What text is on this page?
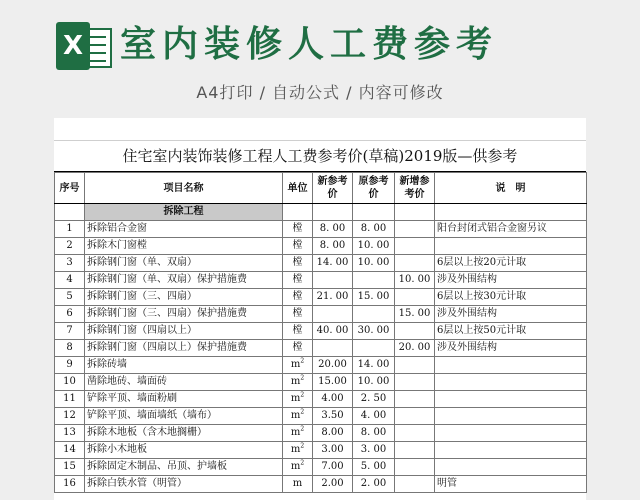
X 室内装修人工费参考
A4打印 / 自动公式 / 内容可修改
住宅室内装饰装修工程人工费参考价(草稿)2019版—供参考
序号	项目名称	单位	新参考价	原参考价	新增参考价	说　明
	拆除工程					
1	拆除铝合金窗	樘	8. 00	8. 00		阳台封闭式铝合金窗另议
2	拆除木门窗樘	樘	8. 00	10. 00		
3	拆除钢门窗（单、双扇）	樘	14. 00	10. 00		6层以上按20元计取
4	拆除钢门窗（单、双扇）保护措施费	樘			10. 00	涉及外围结构
5	拆除钢门窗（三、四扇）	樘	21. 00	15. 00		6层以上按30元计取
6	拆除钢门窗（三、四扇）保护措施费	樘			15. 00	涉及外围结构
7	拆除钢门窗（四扇以上）	樘	40. 00	30. 00		6层以上按50元计取
8	拆除钢门窗（四扇以上）保护措施费	樘			20. 00	涉及外围结构
9	拆除砖墙	$m^2$	20.00	14. 00		
10	凿除地砖、墙面砖	$m^2$	15.00	10. 00		
11	铲除平顶、墙面粉刷	$m^2$	4.00	2. 50		
12	铲除平顶、墙面墙纸（墙布）	$m^2$	3.50	4. 00		
13	拆除木地板（含木地搁栅）	$m^2$	8.00	8. 00		
14	拆除小木地板	$m^2$	3.00	3. 00		
15	拆除固定木制品、吊顶、护墙板	$m^2$	7.00	5. 00		
16	拆除白铁水管（明管）	m	2.00	2. 00		明管
